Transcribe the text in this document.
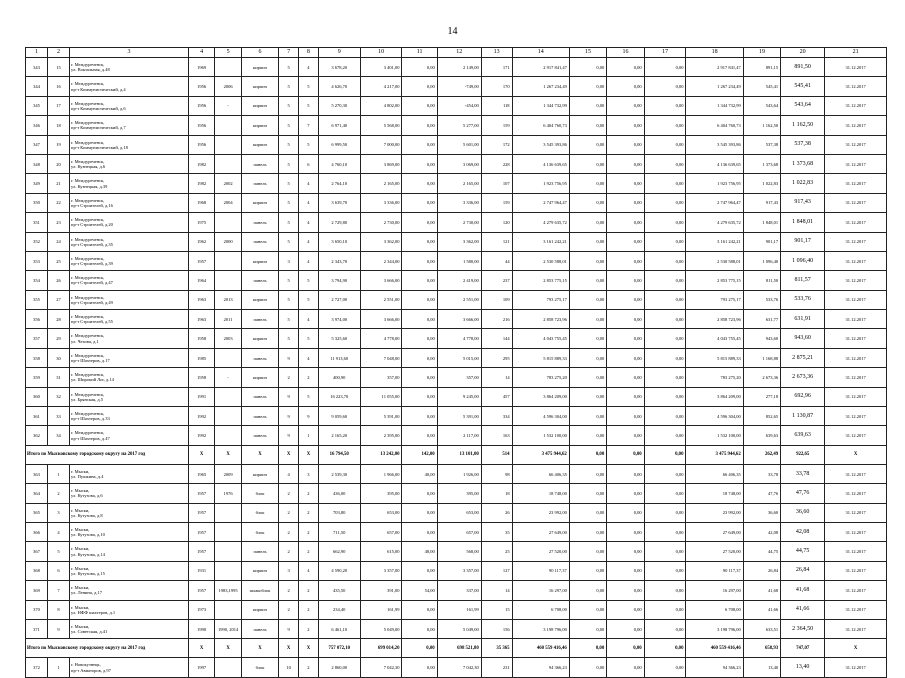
14
1	2	3	4	5	6	7	8	9	10	11	12	13	14	15	16	17	18	19	20	21
343	15	г. Междуреченск,
ул. Вокзальная, д.48	1969		кирпич	5	4	3 678,20	3 401,00	0,00	2 149,00	171	2 917 841,47	0,00	0,00	0,00	2 917 841,47	891,15	891,50	31.12.2017
344	16	г. Междуреченск,
пр-т Коммунистический, д.4	1956	2006	кирпич	5	5	4 626,70	4 217,00	0,00	-749,00	170	1 267 234,49	0,00	0,00	0,00	1 267 234,49	545,41	545,41	31.12.2017
345	17	г. Междуреченск,
пр-т Коммунистический, д.6	1956	-	кирпич	5	5	5 270,30	4 802,00	0,00	-454,00	118	1 344 732,99	0,00	0,00	0,00	1 344 732,99	543,64	543,64	31.12.2017
346	18	г. Междуреченск,
пр-т Коммунистический, д.7	1956		кирпич	5	7	6 971,40	5 568,00	0,00	5 277,00	159	6 404 760,73	0,00	0,00	0,00	6 404 760,73	1 162,50	1 162,50	31.12.2017
347	19	г. Междуреченск,
пр-т Коммунистический, д.18	1956		кирпич	5	5	6 999,50	7 000,00	0,00	5 601,00	172	3 545 393,86	0,00	0,00	0,00	3 545 393,86	537,38	537,38	31.12.2017
348	20	г. Междуреченск,
ул. Кузнецкая, д.6	1982		панель	5	6	4 760,10	3 869,00	0,00	3 069,00	228	4 136 639,65	0,00	0,00	0,00	4 136 639,65	1 373,68	1 373,68	31.12.2017
349	21	г. Междуреченск,
ул. Кузнецкая, д.39	1982	2002	панель	5	4	2 764,10	2 165,00	0,00	2 165,00	107	1 923 756,95	0,00	0,00	0,00	1 923 756,95	1 022,83	1 022,83	31.12.2017
350	22	г. Междуреченск,
пр-т Строителей, д.16	1968	2004	кирпич	5	4	3 639,70	3 336,00	0,00	3 336,00	159	2 747 964,47	0,00	0,00	0,00	2 747 964,47	917,43	917,43	31.12.2017
351	23	г. Междуреченск,
пр-т Строителей, д.20	1975		панель	5	4	2 729,80	2 730,00	0,00	2 730,00	120	4 279 635,72	0,00	0,00	0,00	4 279 635,72	1 848,01	1 848,01	31.12.2017
352	24	г. Междуреченск,
пр-т Строителей, д.35	1962	2000	панель	5	4	3 650,10	3 362,00	0,00	3 362,00	121	3 161 242,21	0,00	0,00	0,00	3 161 242,21	901,17	901,17	31.12.2017
353	25	г. Междуреченск,
пр-т Строителей, д.39	1957		кирпич	3	4	2 343,70	2 344,00	0,00	1 580,00	44	2 530 588,01	0,00	0,00	0,00	2 530 588,01	1 096,40	1 096,40	31.12.2017
354	26	г. Междуреченск,
пр-т Строителей, д.47	1964		панель	5	5	3 794,90	3 666,00	0,00	2 419,00	237	2 853 775,15	0,00	0,00	0,00	2 853 775,15	811,50	811,57	31.12.2017
355	27	г. Междуреченск,
пр-т Строителей, д.49	1963	2013	кирпич	5	5	2 727,00	2 551,00	0,00	2 551,00	109	793 275,17	0,00	0,00	0,00	793 275,17	533,76	533,76	31.12.2017
356	28	г. Междуреченск,
пр-т Строителей, д.55	1963	2011	панель	5	4	3 974,00	3 666,00	0,00	3 666,00	216	2 858 723,96	0,00	0,00	0,00	2 858 723,96	631,77	631,91	31.12.2017
357	29	г. Междуреченск,
ул. Чехова, д.1	1958	2003	кирпич	5	5	5 325,60	4 778,00	0,00	4 778,00	144	4 043 755,45	0,00	0,00	0,00	4 043 755,45	943,60	943,60	31.12.2017
358	30	г. Междуреченск,
пр-т Шахтеров, д.17	1985		панель	9	4	11 913,60	7 048,00	0,00	5 015,00	295	5 815 889,33	0,00	0,00	0,00	5 815 889,33	1 168,88	2 875,21	31.12.2017
359	31	г. Междуреченск,
ул. Широкий Лог, д.14	1958	-	кирпич	2	2	400,90	357,00	0,00	357,00	14	783 275,20	0,00	0,00	0,00	783 275,20	2 673,36	2 673,36	31.12.2017
360	32	г. Междуреченск,
ул. Брянская, д.5	1991		панель	9	5	16 223,70	11 055,00	0,00	9 245,00	457	3 864 209,00	0,00	0,00	0,00	3 864 209,00	277,18	692,96	31.12.2017
361	33	г. Междуреченск,
пр-т Шахтеров, д.33	1992		панель	9	9	9 059,60	5 391,00	0,00	5 391,00	334	4 596 304,00	0,00	0,00	0,00	4 596 304,00	852,65	1 130,87	31.12.2017
362	34	г. Междуреченск,
пр-т Шахтеров, д.47	1992		панель	9	1	2 165,20	2 395,00	0,00	2 117,00	163	1 532 100,00	0,00	0,00	0,00	1 532 100,00	639,63	639,63	31.12.2017
Итого по Мысковскому городскому округу на 2017 год			X	X	X	X	X	16 794,50	13 242,00	142,00	13 101,00	514	3 475 944,62	0,00	0,00	0,00	3 475 944,62	262,49	922,65	X
363	1	г. Мыски,
ул. Пушкина, д.4	1965	2009	кирпич	4	3	2 539,30	1 966,00	40,00	1 926,00	98	66 406,35	0,00	0,00	0,00	66 406,35	33,78	33,78	31.12.2017
364	2	г. Мыски,
ул. Кутузова, д.6	1957	1976	блок	2	2	436,00	395,00	0,00	395,00	18	18 748,00	0,00	0,00	0,00	18 748,00	47,76	47,76	31.12.2017
365	3	г. Мыски,
ул. Кутузова, д.8	1957		блок	2	2	703,80	653,00	0,00	653,00	26	23 992,00	0,00	0,00	0,00	23 992,00	36,60	36,60	31.12.2017
366	4	г. Мыски,
ул. Кутузова, д.10	1957		блок	2	2	711,50	657,00	0,00	657,00	35	27 649,00	0,00	0,00	0,00	27 649,00	42,08	42,08	31.12.2017
367	5	г. Мыски,
ул. Кутузова, д.14	1957		панель	2	2	662,90	615,00	48,00	568,00	25	27 520,00	0,00	0,00	0,00	27 520,00	44,75	44,75	31.12.2017
368	6	г. Мыски,
ул. Кутузова, д.15	1931		кирпич	3	4	4 590,20	3 357,00	0,00	3 357,00	127	90 117,37	0,00	0,00	0,00	90 117,37	26,84	26,84	31.12.2017
369	7	г. Мыски,
ул. Ленина, д.17	1957	1983,1995	шлакоблок	2	2	435,50	391,00	54,00	337,00	14	16 297,00	0,00	0,00	0,00	16 297,00	41,68	41,68	31.12.2017
370	8	г. Мыски,
ул. НФФ шахтеров, д.1	1973		кирпич	2	2	234,40	161,99	0,00	161,99	15	6 708,00	0,00	0,00	0,00	6 708,00	41,66	41,66	31.12.2017
371	9	г. Мыски,
ул. Советская, д.41	1990	1990, 2014	панель	9	2	6 461,10	5 049,00	0,00	5 049,00	156	3 198 796,00	0,00	0,00	0,00	3 198 796,00	633,51	2 364,50	31.12.2017
Итого по Мысковскому городскому округу на 2017 год			X	X	X	X	X	757 072,10	699 014,20	0,00	698 521,80	35 365	460 559 416,46	0,00	0,00	0,00	460 559 416,46	658,93	747,07	X
372	1	г. Новокузнецк,
пр-т Авиаторов, д.97	1997		блок	10	2	2 860,00	7 042,30	0,00	7 042,30	231	94 366,23	0,00	0,00	0,00	94 366,23	13,40	13,40	31.12.2017
